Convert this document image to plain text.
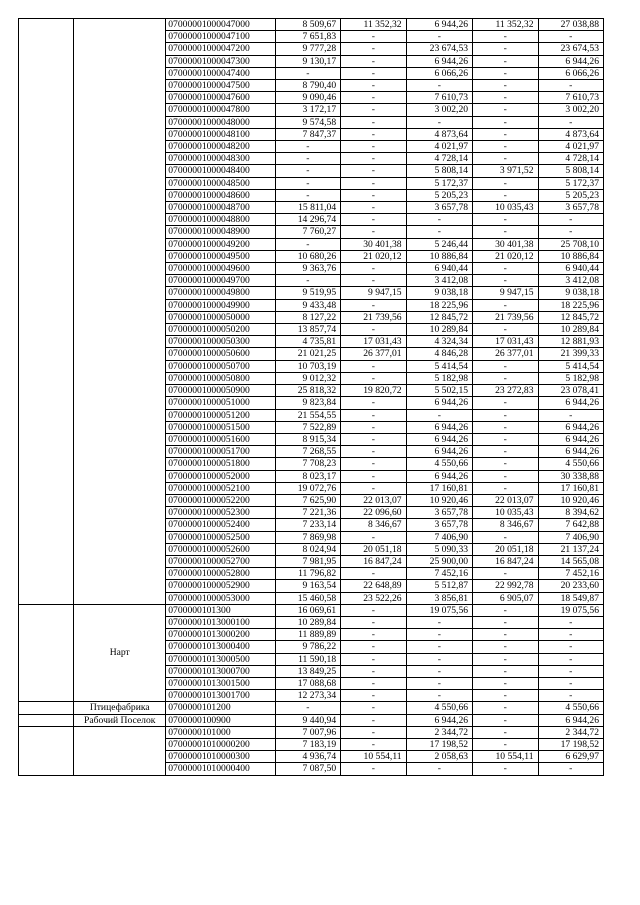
		07000001000047000	8 509,67	11 352,32	6 944,26	11 352,32	27 038,88
		07000001000047100	7 651,83	-	-	-	-
		07000001000047200	9 777,28	-	23 674,53	-	23 674,53
		07000001000047300	9 130,17	-	6 944,26	-	6 944,26
		07000001000047400	-	-	6 066,26	-	6 066,26
		07000001000047500	8 790,40	-	-	-	-
		07000001000047600	9 090,46	-	7 610,73	-	7 610,73
		07000001000047800	3 172,17	-	3 002,20	-	3 002,20
		07000001000048000	9 574,58	-	-	-	-
		07000001000048100	7 847,37	-	4 873,64	-	4 873,64
		07000001000048200	-	-	4 021,97	-	4 021,97
		07000001000048300	-	-	4 728,14	-	4 728,14
		07000001000048400	-	-	5 808,14	3 971,52	5 808,14
		07000001000048500	-	-	5 172,37	-	5 172,37
		07000001000048600	-	-	5 205,23	-	5 205,23
		07000001000048700	15 811,04	-	3 657,78	10 035,43	3 657,78
		07000001000048800	14 296,74	-	-	-	-
		07000001000048900	7 760,27	-	-	-	-
		07000001000049200	-	30 401,38	5 246,44	30 401,38	25 708,10
		07000001000049500	10 680,26	21 020,12	10 886,84	21 020,12	10 886,84
		07000001000049600	9 363,76	-	6 940,44	-	6 940,44
		07000001000049700	-	-	3 412,08	-	3 412,08
		07000001000049800	9 519,95	9 947,15	9 038,18	9 947,15	9 038,18
		07000001000049900	9 433,48	-	18 225,96	-	18 225,96
		07000001000050000	8 127,22	21 739,56	12 845,72	21 739,56	12 845,72
		07000001000050200	13 857,74	-	10 289,84	-	10 289,84
		07000001000050300	4 735,81	17 031,43	4 324,34	17 031,43	12 881,93
		07000001000050600	21 021,25	26 377,01	4 846,28	26 377,01	21 399,33
		07000001000050700	10 703,19	-	5 414,54	-	5 414,54
		07000001000050800	9 012,32	-	5 182,98	-	5 182,98
		07000001000050900	25 818,32	19 820,72	5 502,15	23 272,83	23 078,41
		07000001000051000	9 823,84	-	6 944,26	-	6 944,26
		07000001000051200	21 554,55	-	-	-	-
		07000001000051500	7 522,89	-	6 944,26	-	6 944,26
		07000001000051600	8 915,34	-	6 944,26	-	6 944,26
		07000001000051700	7 268,55	-	6 944,26	-	6 944,26
		07000001000051800	7 708,23	-	4 550,66	-	4 550,66
		07000001000052000	8 023,17	-	6 944,26	-	30 338,88
		07000001000052100	19 072,76	-	17 160,81	-	17 160,81
		07000001000052200	7 625,90	22 013,07	10 920,46	22 013,07	10 920,46
		07000001000052300	7 221,36	22 096,60	3 657,78	10 035,43	8 394,62
		07000001000052400	7 233,14	8 346,67	3 657,78	8 346,67	7 642,88
		07000001000052500	7 869,98	-	7 406,90	-	7 406,90
		07000001000052600	8 024,94	20 051,18	5 090,33	20 051,18	21 137,24
		07000001000052700	7 981,95	16 847,24	25 900,00	16 847,24	14 565,08
		07000001000052800	11 796,82	-	7 452,16	-	7 452,16
		07000001000052900	9 163,54	22 648,89	5 512,87	22 992,78	20 233,60
		07000001000053000	15 460,58	23 522,26	3 856,81	6 905,07	18 549,87
	Нарт	0700000101300	16 069,61	-	19 075,56	-	19 075,56
		07000001013000100	10 289,84	-	-	-	-
		07000001013000200	11 889,89	-	-	-	-
		07000001013000400	9 786,22	-	-	-	-
		07000001013000500	11 590,18	-	-	-	-
		07000001013000700	13 849,25	-	-	-	-
		07000001013001500	17 088,68	-	-	-	-
		07000001013001700	12 273,34	-	-	-	-
	Птицефабрика	0700000101200	-	-	4 550,66	-	4 550,66
	Рабочий Поселок	0700000100900	9 440,94	-	6 944,26	-	6 944,26
		0700000101000	7 007,96	-	2 344,72	-	2 344,72
		07000001010000200	7 183,19	-	17 198,52	-	17 198,52
		07000001010000300	4 936,74	10 554,11	2 058,63	10 554,11	6 629,97
		07000001010000400	7 087,50	-	-	-	-
